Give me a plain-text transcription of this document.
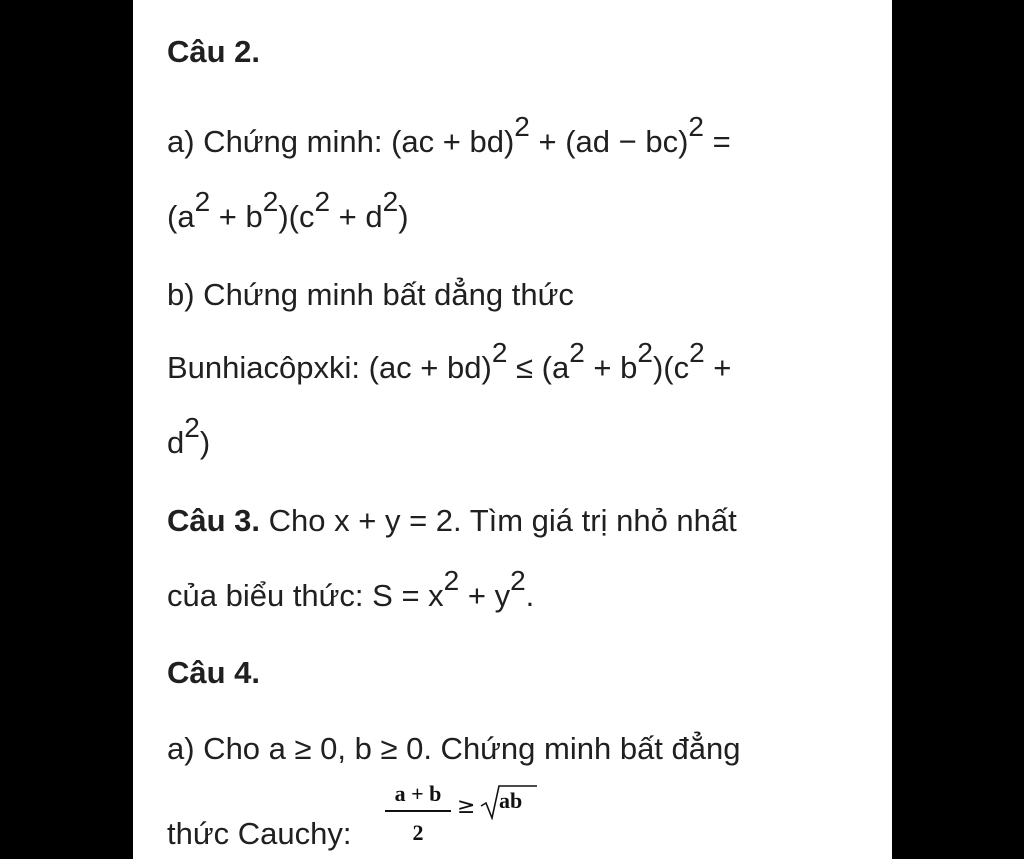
Câu 2.
a) Chứng minh: (ac + bd)$^2$ + (ad − bc)$^2$ =
$(a^2 + b^2)(c^2 + d^2)$
b) Chứng minh bất dẳng thức
Bunhiacôpxki: $(ac + bd)^2 \le (a^2 + b^2)(c^2$ +
$d^2$)
Câu 3. Cho x + y = 2. Tìm giá trị nhỏ nhất
của biểu thức: $S = x^2 + y^2$.
Câu 4.
a) Cho a ≥ 0, b ≥ 0. Chứng minh bất đẳng
thức Cauchy:
a + b
2
≥ ab
